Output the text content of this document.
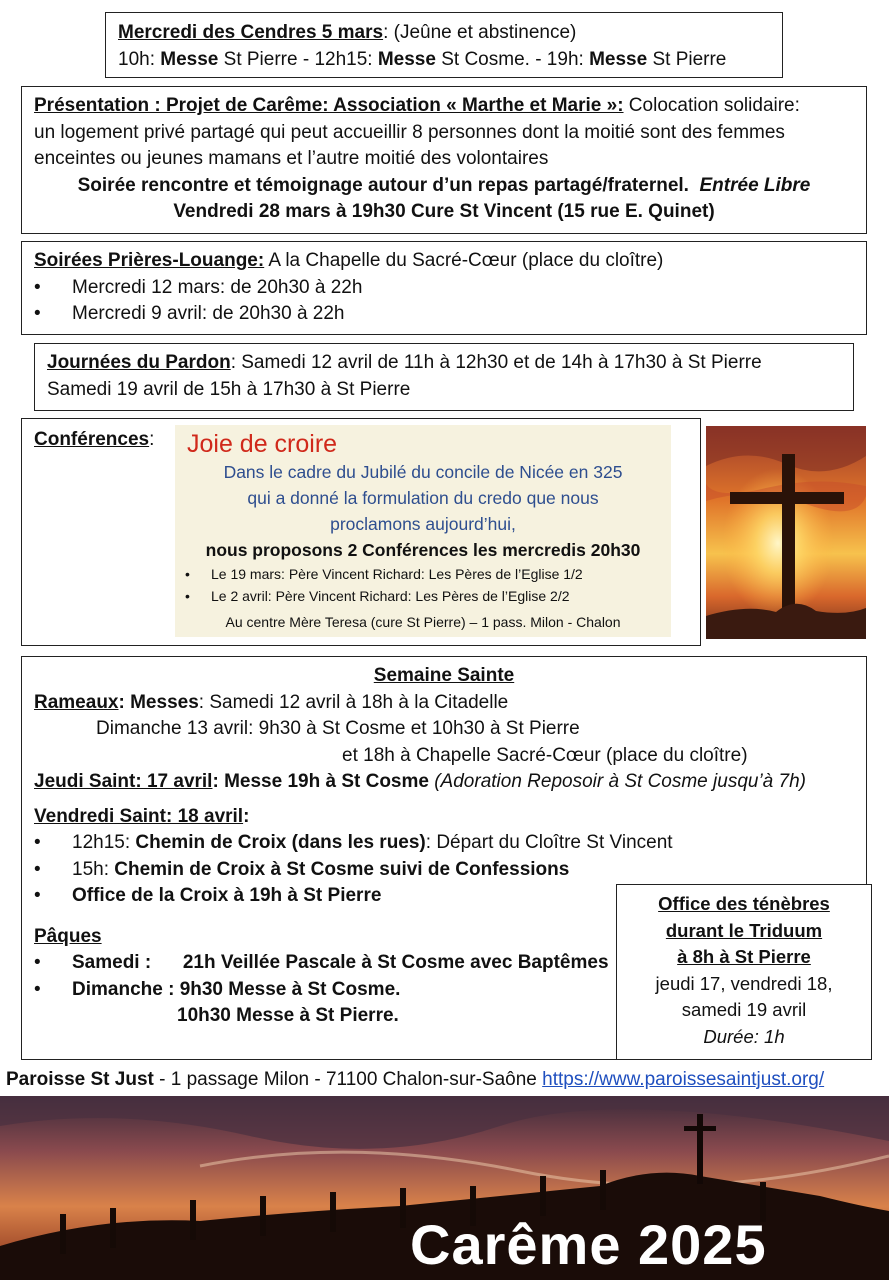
Mercredi des Cendres 5 mars: (Jeûne et abstinence)
10h: Messe St Pierre - 12h15: Messe St Cosme. - 19h: Messe St Pierre
Présentation : Projet de Carême: Association « Marthe et Marie »: Colocation solidaire:
un logement privé partagé qui peut accueillir 8 personnes dont la moitié sont des femmes
enceintes ou jeunes mamans et l’autre moitié des volontaires
Soirée rencontre et témoignage autour d’un repas partagé/fraternel. Entrée Libre
Vendredi 28 mars à 19h30 Cure St Vincent (15 rue E. Quinet)
Soirées Prières-Louange: A la Chapelle du Sacré-Cœur (place du cloître)
•	Mercredi 12 mars: de 20h30 à 22h
•	Mercredi 9 avril: de 20h30 à 22h
Journées du Pardon: Samedi 12 avril de 11h à 12h30 et de 14h à 17h30 à St Pierre
Samedi 19 avril de 15h à 17h30 à St Pierre
Conférences:	Joie de croire
Dans le cadre du Jubilé du concile de Nicée en 325
qui a donné la formulation du credo que nous
proclamons aujourd’hui,
nous proposons 2 Conférences les mercredis 20h30
•	Le 19 mars: Père Vincent Richard: Les Pères de l’Eglise 1/2
•	Le 2 avril: Père Vincent Richard: Les Pères de l’Eglise 2/2
Au centre Mère Teresa (cure St Pierre) – 1 pass. Milon - Chalon
Semaine Sainte
Rameaux: Messes: Samedi 12 avril à 18h à la Citadelle
Dimanche 13 avril: 9h30 à St Cosme et 10h30 à St Pierre
et 18h à Chapelle Sacré-Cœur (place du cloître)
Jeudi Saint: 17 avril: Messe 19h à St Cosme (Adoration Reposoir à St Cosme jusqu’à 7h)
Vendredi Saint: 18 avril:
•	12h15: Chemin de Croix (dans les rues): Départ du Cloître St Vincent
•	15h: Chemin de Croix à St Cosme suivi de Confessions
•	Office de la Croix à 19h à St Pierre
Pâques
•	Samedi :      21h Veillée Pascale à St Cosme avec Baptêmes
•	Dimanche : 9h30 Messe à St Cosme.
10h30 Messe à St Pierre.
Office des ténèbres
durant le Triduum
à 8h à St Pierre
jeudi 17, vendredi 18,
samedi 19 avril
Durée: 1h
Paroisse St Just - 1 passage Milon - 71100 Chalon-sur-Saône https://www.paroissesaintjust.org/
Carême 2025
